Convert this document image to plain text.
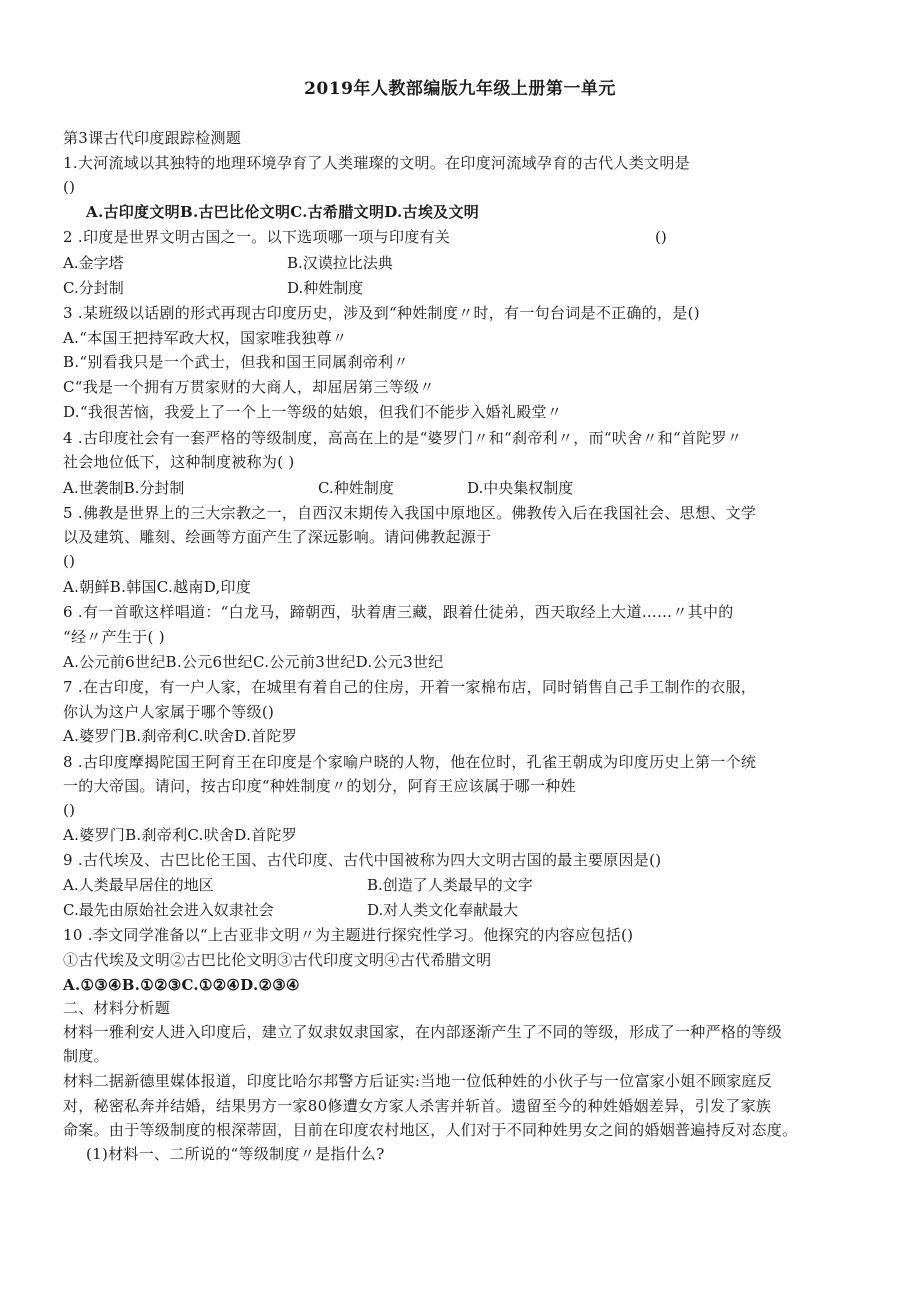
2019年人教部编版九年级上册第一单元
第3课古代印度跟踪检测题
1.大河流域以其独特的地理环境孕育了人类璀璨的文明。在印度河流域孕育的古代人类文明是
()
A.古印度文明B.古巴比伦文明C.古希腊文明D.古埃及文明
2 .印度是世界文明古国之一。以下选项哪一项与印度有关	()
A.金字塔	B.汉谟拉比法典
C.分封制	D.种姓制度
3 .某班级以话剧的形式再现古印度历史，涉及到“种姓制度〃时，有一句台词是不正确的，是()
A.“本国王把持军政大权，国家唯我独尊〃
B.“别看我只是一个武士，但我和国王同属刹帝利〃
C“我是一个拥有万贯家财的大商人，却屈居第三等级〃
D.“我很苦恼，我爱上了一个上一等级的姑娘，但我们不能步入婚礼殿堂〃
4 .古印度社会有一套严格的等级制度，高高在上的是“婆罗门〃和“刹帝利〃，而“吠舍〃和“首陀罗〃
社会地位低下，这种制度被称为( )
A.世袭制B.分封制	C.种姓制度	D.中央集权制度
5 .佛教是世界上的三大宗教之一，自西汉末期传入我国中原地区。佛教传入后在我国社会、思想、文学
以及建筑、雕刻、绘画等方面产生了深远影响。请问佛教起源于
()
A.朝鲜B.韩国C.越南D,印度
6 .有一首歌这样唱道：“白龙马，蹄朝西，驮着唐三藏，跟着仕徒弟，西天取经上大道……〃其中的
“经〃产生于( )
A.公元前6世纪B.公元6世纪C.公元前3世纪D.公元3世纪
7 .在古印度，有一户人家，在城里有着自己的住房，开着一家棉布店，同时销售自己手工制作的衣服，
你认为这户人家属于哪个等级()
A.婆罗门B.刹帝利C.吠舍D.首陀罗
8 .古印度摩揭陀国王阿育王在印度是个家喻户晓的人物，他在位时，孔雀王朝成为印度历史上第一个统
一的大帝国。请问，按古印度“种姓制度〃的划分，阿育王应该属于哪一种姓
()
A.婆罗门B.刹帝利C.吠舍D.首陀罗
9 .古代埃及、古巴比伦王国、古代印度、古代中国被称为四大文明古国的最主要原因是()
A.人类最早居住的地区	B.创造了人类最早的文字
C.最先由原始社会进入奴隶社会	D.对人类文化奉献最大
10 .李文同学准备以“上古亚非文明〃为主题进行探究性学习。他探究的内容应包括()
①古代埃及文明②古巴比伦文明③古代印度文明④古代希腊文明
A.①③④B.①②③C.①②④D.②③④
二、材料分析题
材料一雅利安人进入印度后，建立了奴隶奴隶国家，在内部逐渐产生了不同的等级，形成了一种严格的等级
制度。
材料二据新德里媒体报道，印度比哈尔邦警方后证实:当地一位低种姓的小伙子与一位富家小姐不顾家庭反
对，秘密私奔并结婚，结果男方一家80修遭女方家人杀害并斩首。遗留至今的种姓婚姻差异，引发了家族
命案。由于等级制度的根深蒂固，目前在印度农村地区，人们对于不同种姓男女之间的婚姻普遍持反对态度。
(1)材料一、二所说的“等级制度〃是指什么?
